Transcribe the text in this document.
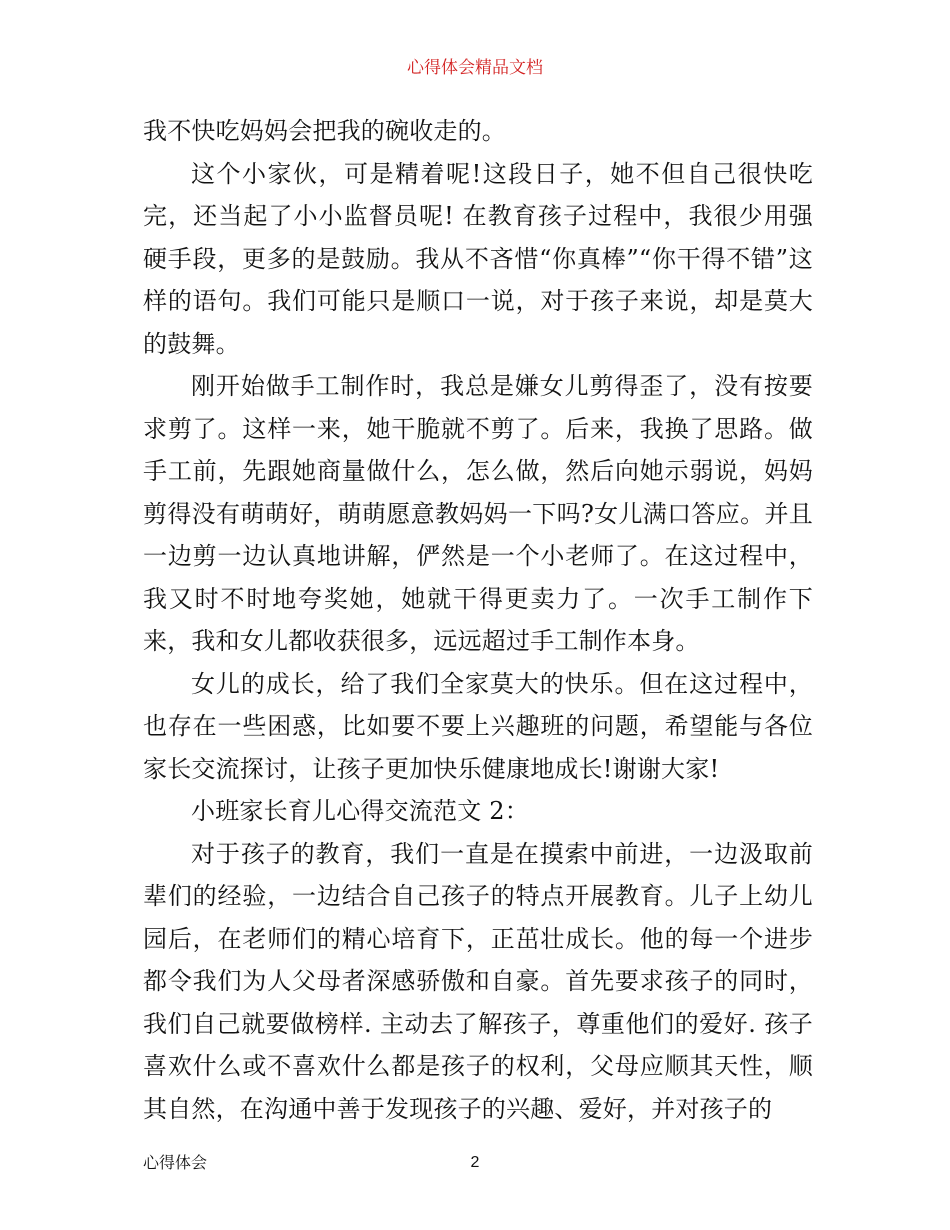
心得体会精品文档

我不快吃妈妈会把我的碗收走的。

这个小家伙，可是精着呢!这段日子，她不但自己很快吃完，还当起了小小监督员呢! 在教育孩子过程中，我很少用强硬手段，更多的是鼓励。我从不吝惜“你真棒”“你干得不错”这样的语句。我们可能只是顺口一说，对于孩子来说，却是莫大的鼓舞。

刚开始做手工制作时，我总是嫌女儿剪得歪了，没有按要求剪了。这样一来，她干脆就不剪了。后来，我换了思路。做手工前，先跟她商量做什么，怎么做，然后向她示弱说，妈妈剪得没有萌萌好，萌萌愿意教妈妈一下吗?女儿满口答应。并且一边剪一边认真地讲解，俨然是一个小老师了。在这过程中，我又时不时地夸奖她，她就干得更卖力了。一次手工制作下来，我和女儿都收获很多，远远超过手工制作本身。

女儿的成长，给了我们全家莫大的快乐。但在这过程中，也存在一些困惑，比如要不要上兴趣班的问题，希望能与各位家长交流探讨，让孩子更加快乐健康地成长!谢谢大家!

小班家长育儿心得交流范文 2：

对于孩子的教育，我们一直是在摸索中前进，一边汲取前辈们的经验，一边结合自己孩子的特点开展教育。儿子上幼儿园后，在老师们的精心培育下，正茁壮成长。他的每一个进步都令我们为人父母者深感骄傲和自豪。首先要求孩子的同时，我们自己就要做榜样. 主动去了解孩子，尊重他们的爱好. 孩子喜欢什么或不喜欢什么都是孩子的权利，父母应顺其天性，顺其自然，在沟通中善于发现孩子的兴趣、爱好，并对孩子的

心得体会	2
